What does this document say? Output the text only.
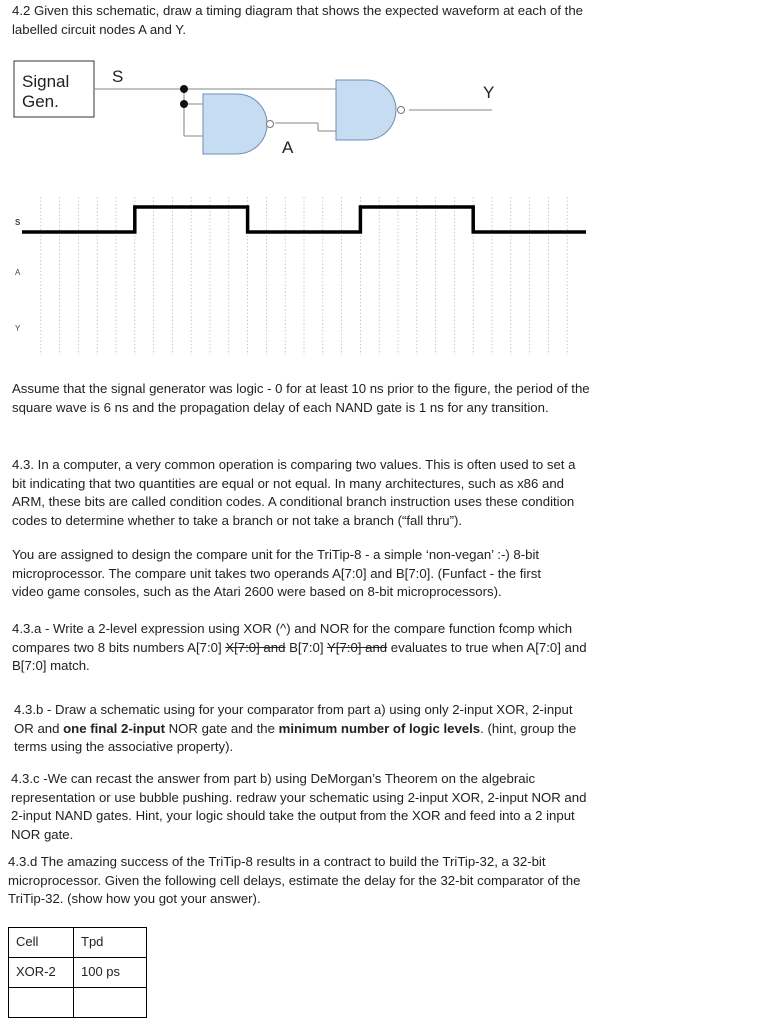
4.2 Given this schematic, draw a timing diagram that shows the expected waveform at each of the labelled circuit nodes A and Y.

Signal
Gen.
S
A
Y
S
A
Y

Assume that the signal generator was logic - 0 for at least 10 ns prior to the figure, the period of the square wave is 6 ns and the propagation delay of each NAND gate is 1 ns for any transition.

4.3. In a computer, a very common operation is comparing two values. This is often used to set a bit indicating that two quantities are equal or not equal. In many architectures, such as x86 and ARM, these bits are called condition codes. A conditional branch instruction uses these condition codes to determine whether to take a branch or not take a branch (“fall thru”).

You are assigned to design the compare unit for the TriTip-8 - a simple ‘non-vegan’ :-) 8-bit microprocessor. The compare unit takes two operands A[7:0] and B[7:0]. (Funfact - the first video game consoles, such as the Atari 2600 were based on 8-bit microprocessors).

4.3.a - Write a 2-level expression using XOR (^) and NOR for the compare function fcomp which compares two 8 bits numbers A[7:0] X[7:0] and B[7:0] Y[7:0] and evaluates to true when A[7:0] and B[7:0] match.

4.3.b - Draw a schematic using for your comparator from part a) using only 2-input XOR, 2-input OR and one final 2-input NOR gate and the minimum number of logic levels. (hint, group the terms using the associative property).

4.3.c -We can recast the answer from part b) using DeMorgan’s Theorem on the algebraic representation or use bubble pushing. redraw your schematic using 2-input XOR, 2-input NOR and 2-input NAND gates. Hint, your logic should take the output from the XOR and feed into a 2 input NOR gate.

4.3.d The amazing success of the TriTip-8 results in a contract to build the TriTip-32, a 32-bit microprocessor. Given the following cell delays, estimate the delay for the 32-bit comparator of the TriTip-32. (show how you got your answer).

Cell	Tpd
XOR-2	100 ps
